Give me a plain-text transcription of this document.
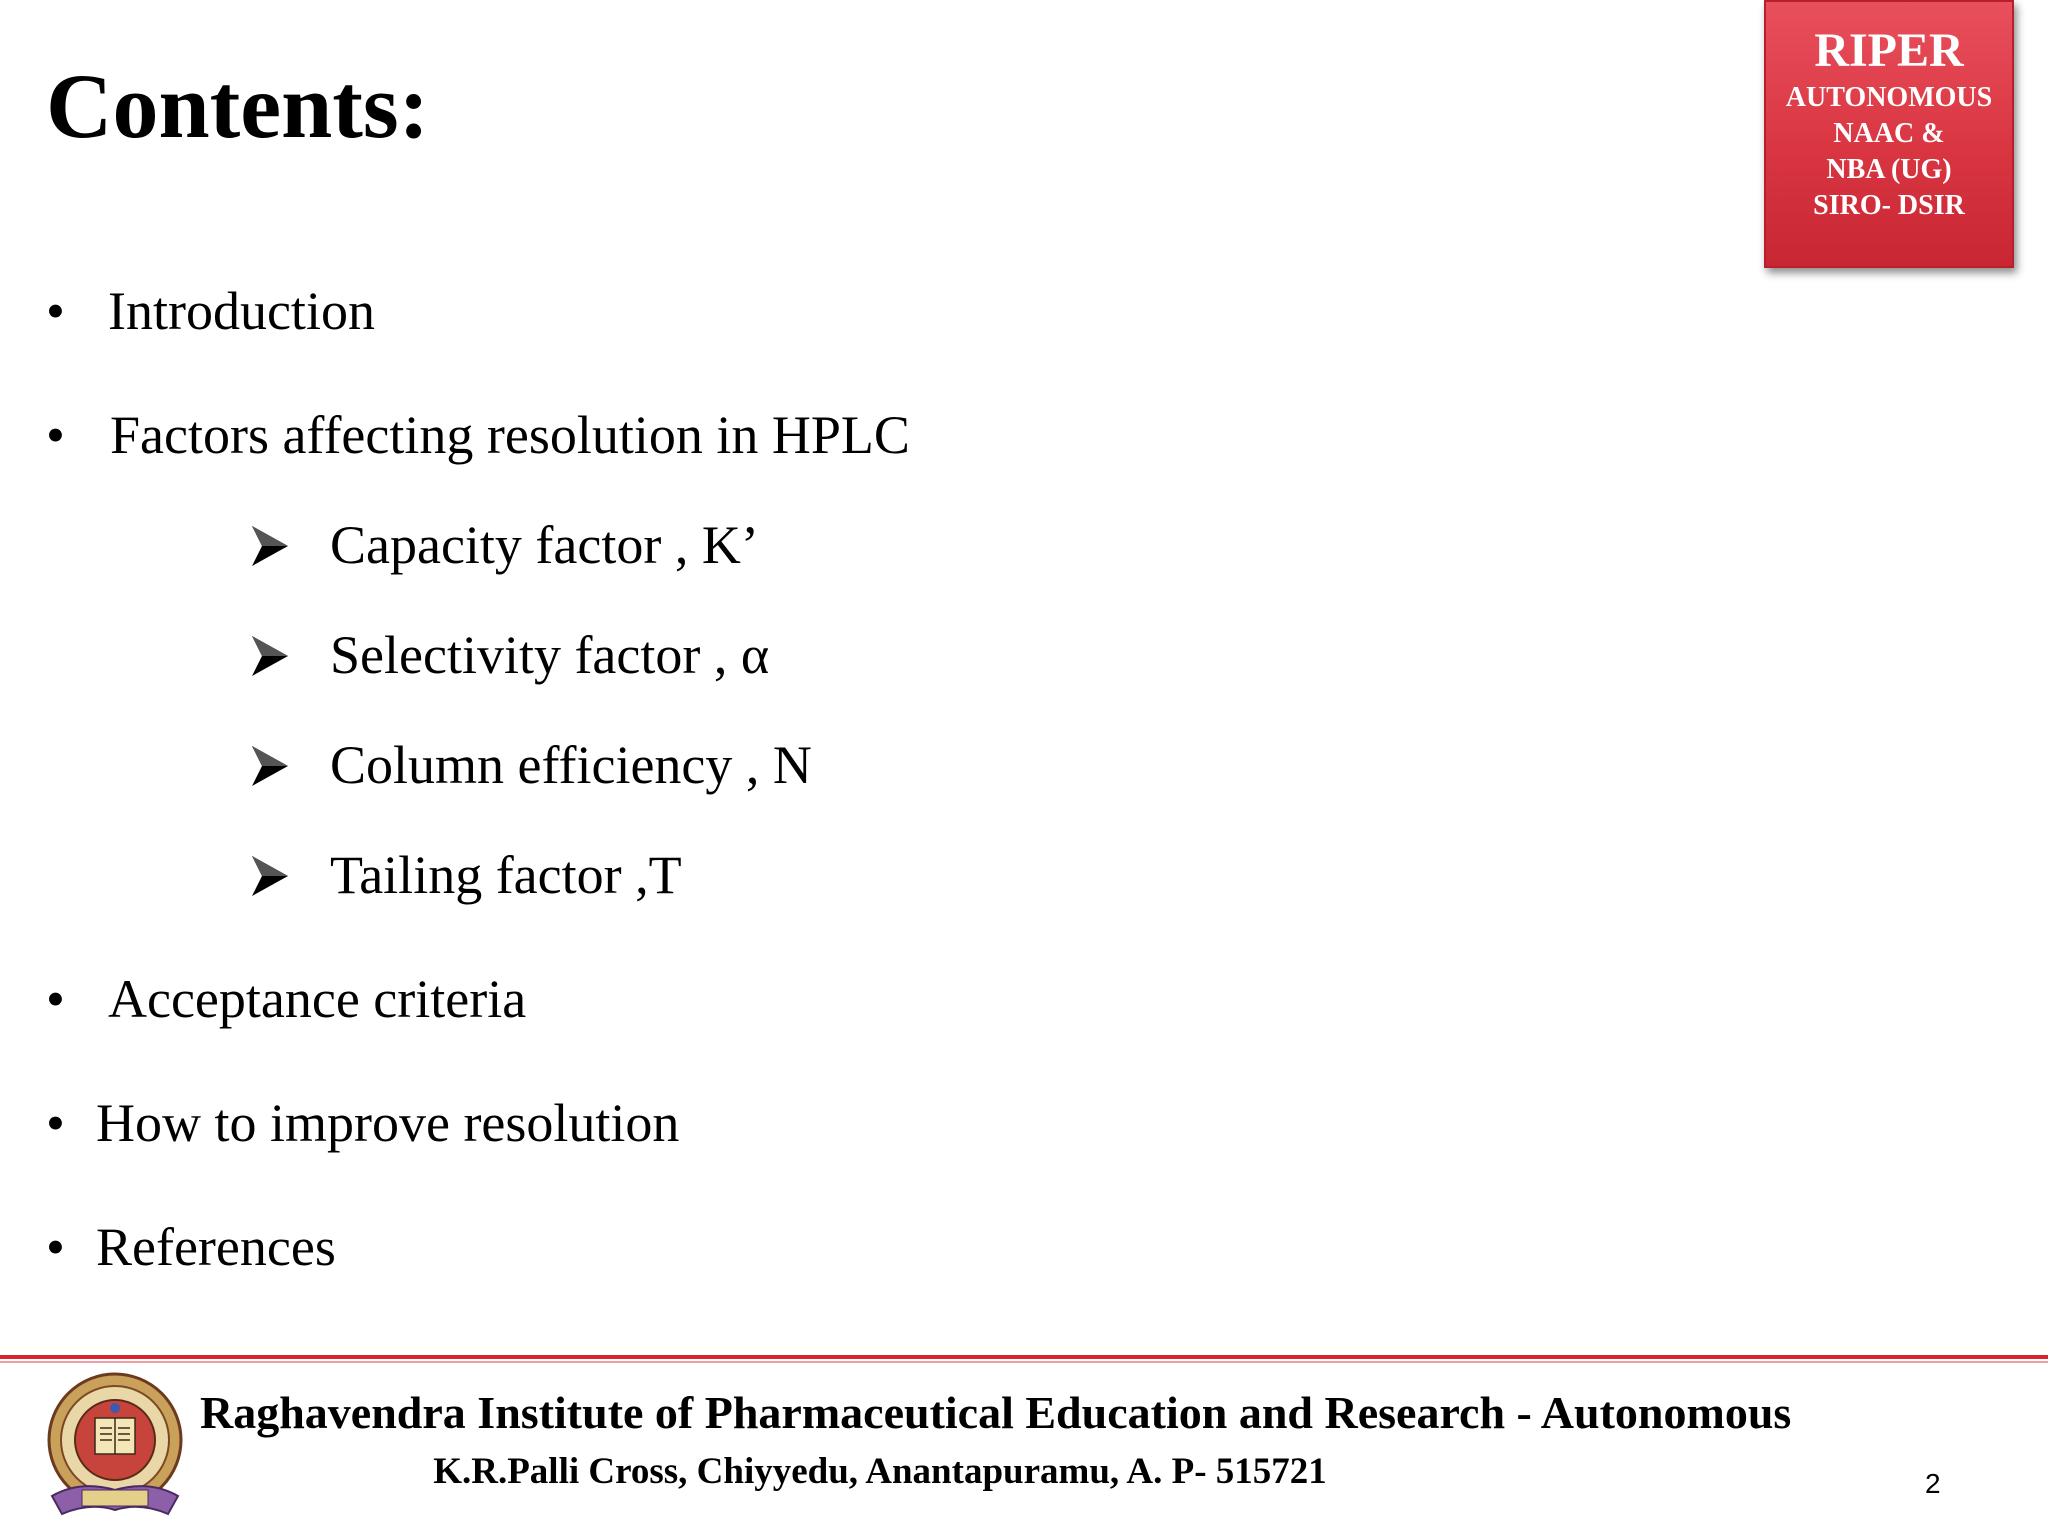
Contents:
RIPER
AUTONOMOUS
NAAC &
NBA (UG)
SIRO- DSIR
• Introduction
• Factors affecting resolution in HPLC
Capacity factor , K’
Selectivity factor , α
Column efficiency , N
Tailing factor ,T
• Acceptance criteria
• How to improve resolution
• References
Raghavendra Institute of Pharmaceutical Education and Research - Autonomous
K.R.Palli Cross, Chiyyedu, Anantapuramu, A. P- 515721	2
